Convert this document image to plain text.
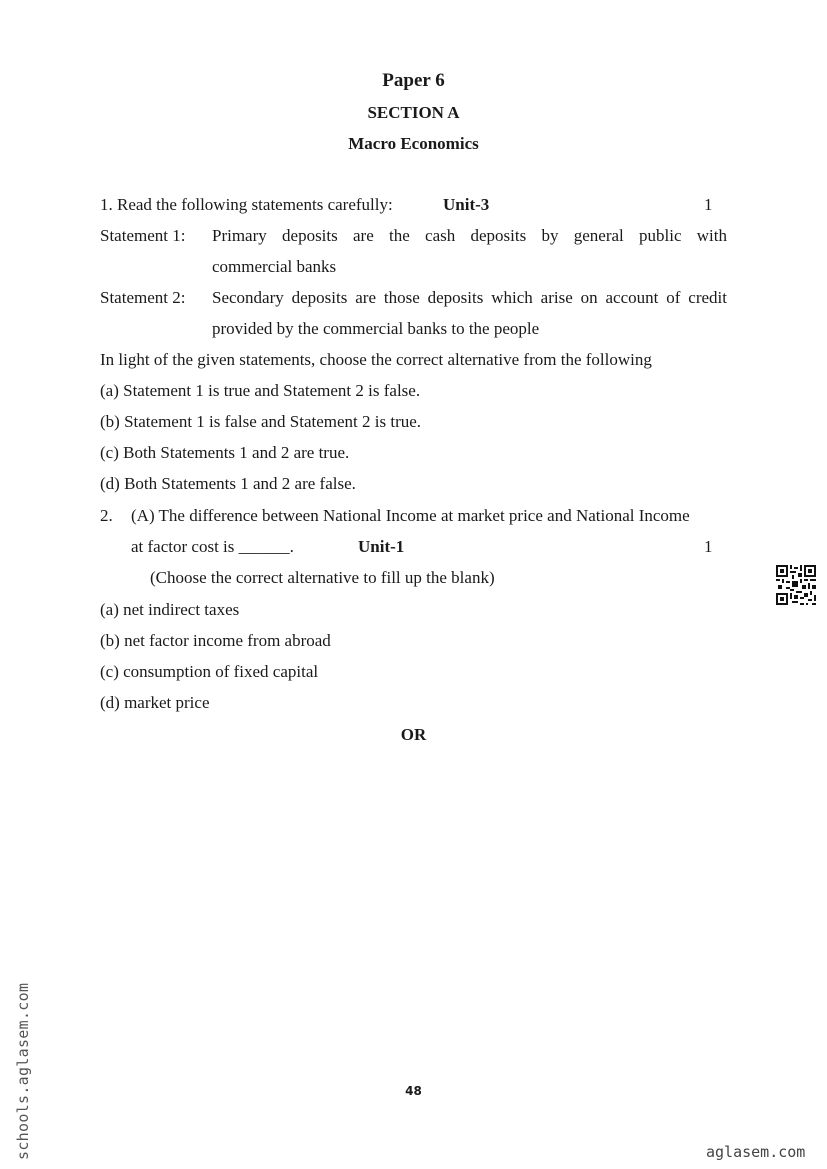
Paper 6
SECTION A
Macro Economics
1. Read the following statements carefully:	Unit-3	1
Statement 1: Primary deposits are the cash deposits by general public with
commercial banks
Statement 2: Secondary deposits are those deposits which arise on account of credit
provided by the commercial banks to the people
In light of the given statements, choose the correct alternative from the following
(a) Statement 1 is true and Statement 2 is false.
(b) Statement 1 is false and Statement 2 is true.
(c) Both Statements 1 and 2 are true.
(d) Both Statements 1 and 2 are false.
2. (A) The difference between National Income at market price and National Income
at factor cost is ______.	Unit-1	1
(Choose the correct alternative to fill up the blank)
(a) net indirect taxes
(b) net factor income from abroad
(c) consumption of fixed capital
(d) market price
OR
48
schools.aglasem.com	aglasem.com
